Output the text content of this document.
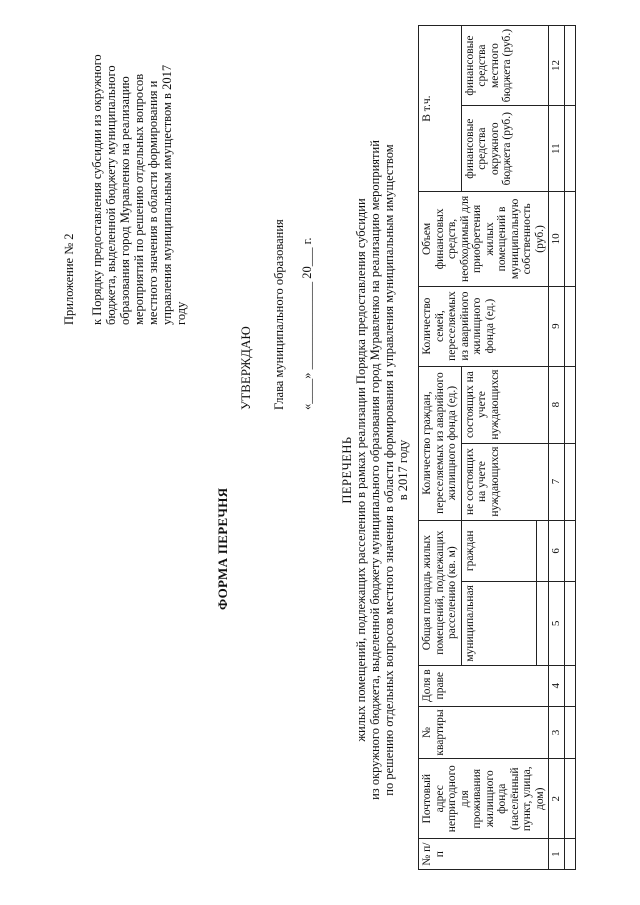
Приложение № 2 к Порядку предоставления субсидии из окружного бюджета, выделенной бюджету муниципального образования город Муравленко на реализацию мероприятий по решению отдельных вопросов местного значения в области формирования и управления муниципальным имуществом в 2017 году
ФОРМА ПЕРЕЧНЯ
УТВЕРЖДАЮ Глава муниципального образования «____» ______________ 20___ г.
ПЕРЕЧЕНЬ жилых помещений, подлежащих расселению в рамках реализации Порядка предоставления субсидии из окружного бюджета, выделенной бюджету муниципального образования город Муравленко на реализацию мероприятий по решению отдельных вопросов местного значения в области формирования и управления муниципальным имуществом в 2017 году
№ п/п	Почтовый адрес непригодного для проживания жилищного фонда (населённый пункт, улица, дом)	№ квартиры	Доля в праве	Общая площадь жилых помещений, подлежащих расселению (кв. м)		Количество граждан, переселяемых из аварийного жилищного фонда (ед.)		Количество семей, переселяемых из аварийного жилищного фонда (ед.)	Объем финансовых средств, необходимый для приобретения жилых помещений в муниципальную собственность (руб.)	В т.ч.	
				муниципальная	граждан	не состоящих на учете нуждающихся	состоящих на учете нуждающихся			финансовые средства окружного бюджета (руб.)	финансовые средства местного бюджета (руб.)

1	2	3	4	5	6	7	8	9	10	11	12
